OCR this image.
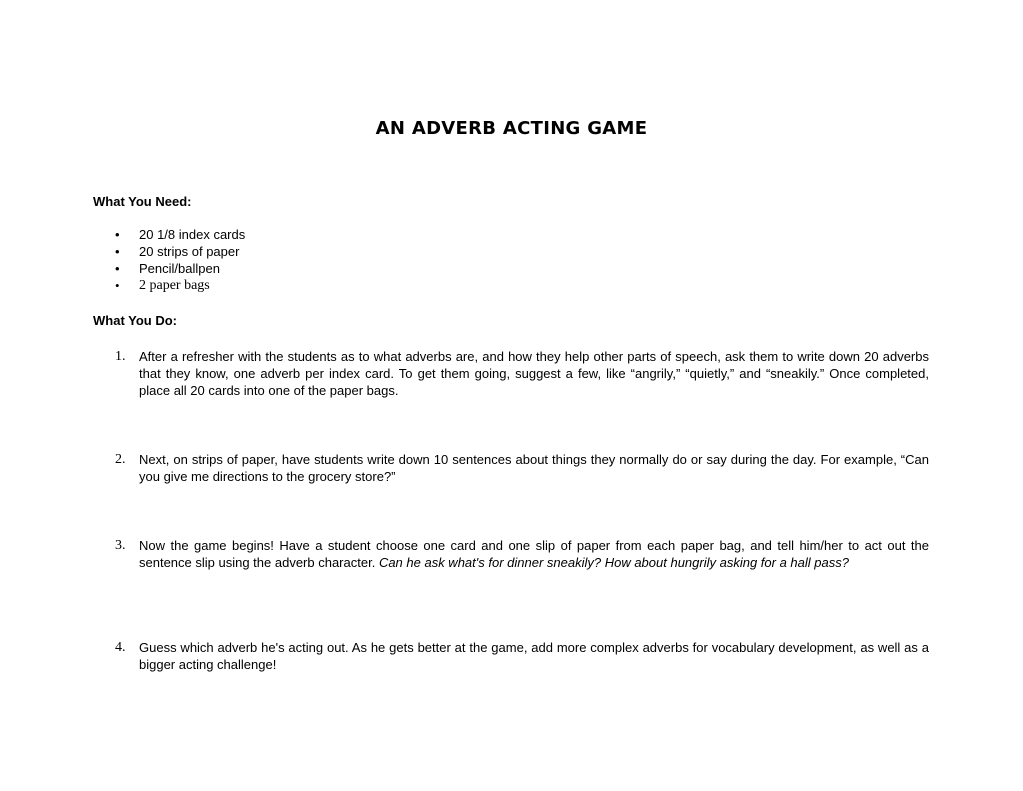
AN ADVERB ACTING GAME

What You Need:

• 20 1/8 index cards
• 20 strips of paper
• Pencil/ballpen
• 2 paper bags

What You Do:

1. After a refresher with the students as to what adverbs are, and how they help other parts of speech, ask them to write down 20 adverbs that they know, one adverb per index card. To get them going, suggest a few, like “angrily,” “quietly,” and “sneakily.” Once completed, place all 20 cards into one of the paper bags.
2. Next, on strips of paper, have students write down 10 sentences about things they normally do or say during the day. For example, “Can you give me directions to the grocery store?”
3. Now the game begins! Have a student choose one card and one slip of paper from each paper bag, and tell him/her to act out the sentence slip using the adverb character. Can he ask what's for dinner sneakily? How about hungrily asking for a hall pass?
4. Guess which adverb he's acting out. As he gets better at the game, add more complex adverbs for vocabulary development, as well as a bigger acting challenge!
